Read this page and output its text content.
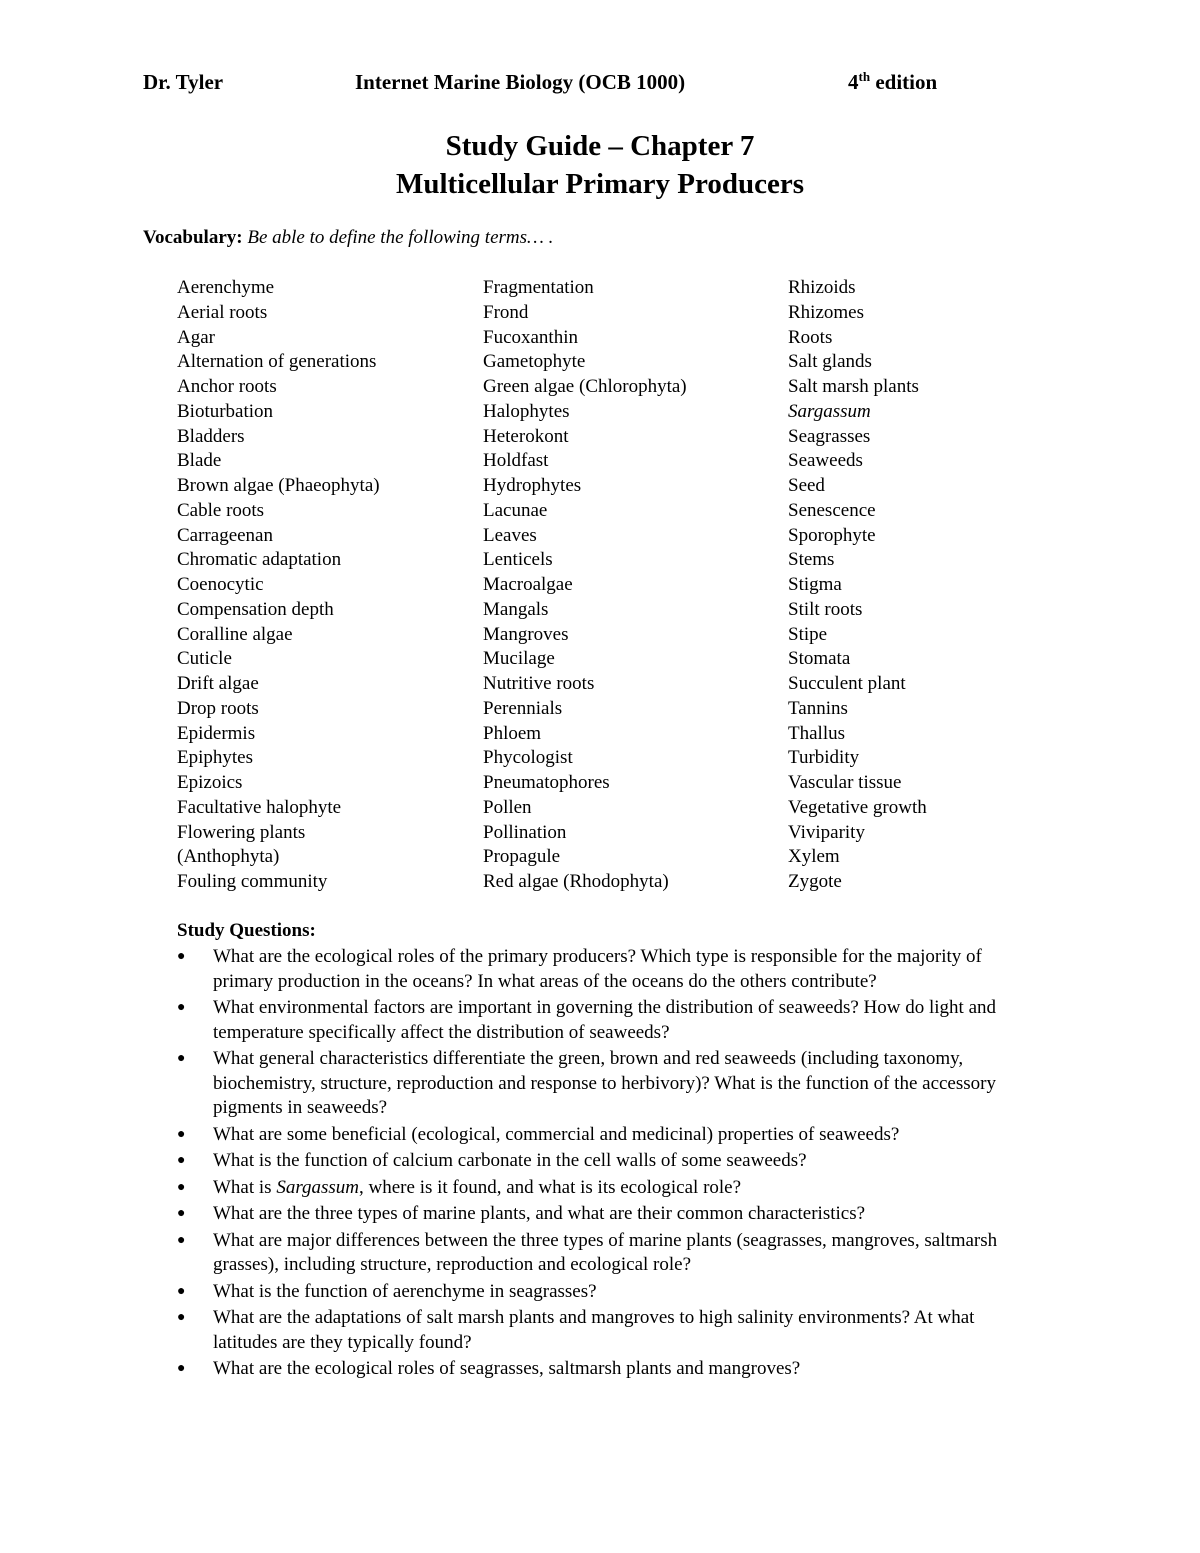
Dr. Tyler	Internet Marine Biology (OCB 1000)	4th edition
Study Guide – Chapter 7
Multicellular Primary Producers
Vocabulary: Be able to define the following terms… .
Aerenchyme
Aerial roots
Agar
Alternation of generations
Anchor roots
Bioturbation
Bladders
Blade
Brown algae (Phaeophyta)
Cable roots
Carrageenan
Chromatic adaptation
Coenocytic
Compensation depth
Coralline algae
Cuticle
Drift algae
Drop roots
Epidermis
Epiphytes
Epizoics
Facultative halophyte
Flowering plants
(Anthophyta)
Fouling community
Fragmentation
Frond
Fucoxanthin
Gametophyte
Green algae (Chlorophyta)
Halophytes
Heterokont
Holdfast
Hydrophytes
Lacunae
Leaves
Lenticels
Macroalgae
Mangals
Mangroves
Mucilage
Nutritive roots
Perennials
Phloem
Phycologist
Pneumatophores
Pollen
Pollination
Propagule
Red algae (Rhodophyta)
Rhizoids
Rhizomes
Roots
Salt glands
Salt marsh plants
Sargassum
Seagrasses
Seaweeds
Seed
Senescence
Sporophyte
Stems
Stigma
Stilt roots
Stipe
Stomata
Succulent plant
Tannins
Thallus
Turbidity
Vascular tissue
Vegetative growth
Viviparity
Xylem
Zygote
Study Questions:
● What are the ecological roles of the primary producers? Which type is responsible for the majority of primary production in the oceans? In what areas of the oceans do the others contribute?
● What environmental factors are important in governing the distribution of seaweeds? How do light and temperature specifically affect the distribution of seaweeds?
● What general characteristics differentiate the green, brown and red seaweeds (including taxonomy, biochemistry, structure, reproduction and response to herbivory)? What is the function of the accessory pigments in seaweeds?
● What are some beneficial (ecological, commercial and medicinal) properties of seaweeds?
● What is the function of calcium carbonate in the cell walls of some seaweeds?
● What is Sargassum, where is it found, and what is its ecological role?
● What are the three types of marine plants, and what are their common characteristics?
● What are major differences between the three types of marine plants (seagrasses, mangroves, saltmarsh grasses), including structure, reproduction and ecological role?
● What is the function of aerenchyme in seagrasses?
● What are the adaptations of salt marsh plants and mangroves to high salinity environments? At what latitudes are they typically found?
● What are the ecological roles of seagrasses, saltmarsh plants and mangroves?
